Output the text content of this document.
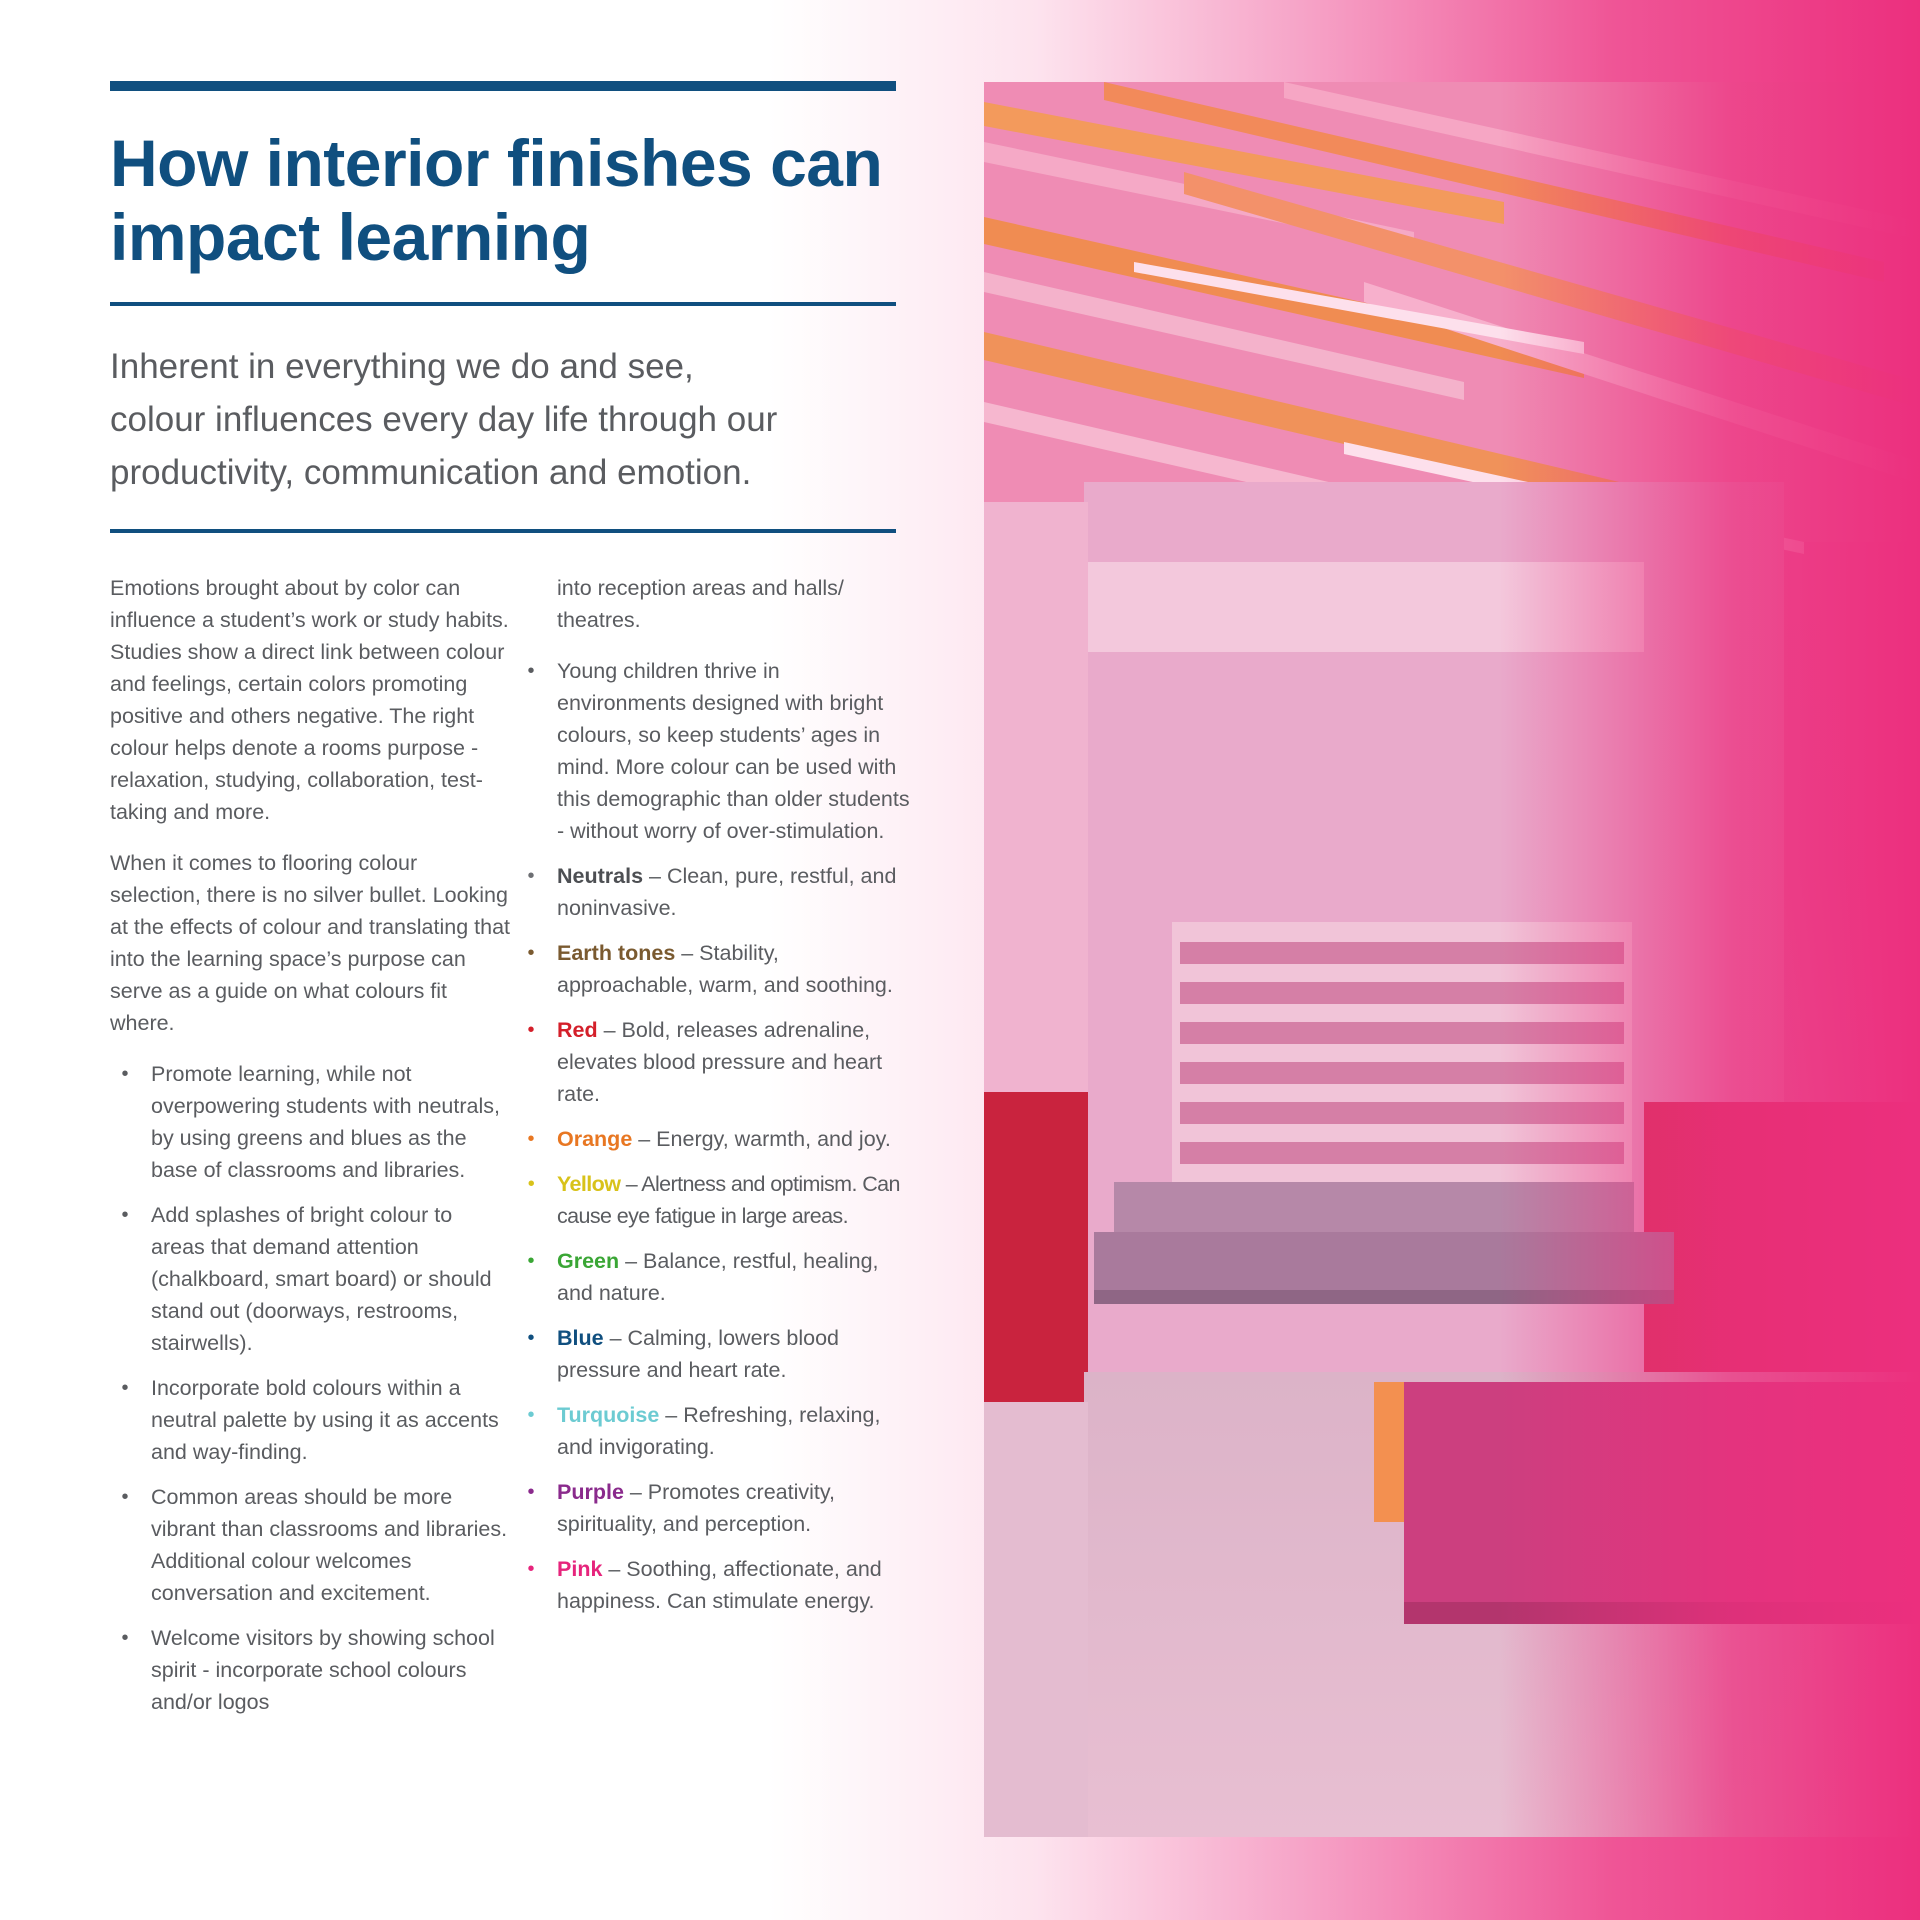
How interior finishes can
impact learning

Inherent in everything we do and see,
colour influences every day life through our
productivity, communication and emotion.

Emotions brought about by color can influence a student’s work or study habits. Studies show a direct link between colour and feelings, certain colors promoting positive and others negative. The right colour helps denote a rooms purpose - relaxation, studying, collaboration, test-taking and more.

When it comes to flooring colour selection, there is no silver bullet. Looking at the effects of colour and translating that into the learning space’s purpose can serve as a guide on what colours fit where.

•	Promote learning, while not overpowering students with neutrals, by using greens and blues as the base of classrooms and libraries.
•	Add splashes of bright colour to areas that demand attention (chalkboard, smart board) or should stand out (doorways, restrooms, stairwells).
•	Incorporate bold colours within a neutral palette by using it as accents and way-finding.
•	Common areas should be more vibrant than classrooms and libraries. Additional colour welcomes conversation and excitement.
•	Welcome visitors by showing school spirit - incorporate school colours and/or logos

into reception areas and halls/ theatres.

•	Young children thrive in environments designed with bright colours, so keep students’ ages in mind. More colour can be used with this demographic than older students - without worry of over-stimulation.
•	Neutrals – Clean, pure, restful, and noninvasive.
•	Earth tones – Stability, approachable, warm, and soothing.
•	Red – Bold, releases adrenaline, elevates blood pressure and heart rate.
•	Orange – Energy, warmth, and joy.
•	Yellow – Alertness and optimism. Can cause eye fatigue in large areas.
•	Green – Balance, restful, healing, and nature.
•	Blue – Calming, lowers blood pressure and heart rate.
•	Turquoise – Refreshing, relaxing, and invigorating.
•	Purple – Promotes creativity, spirituality, and perception.
•	Pink – Soothing, affectionate, and happiness. Can stimulate energy.
